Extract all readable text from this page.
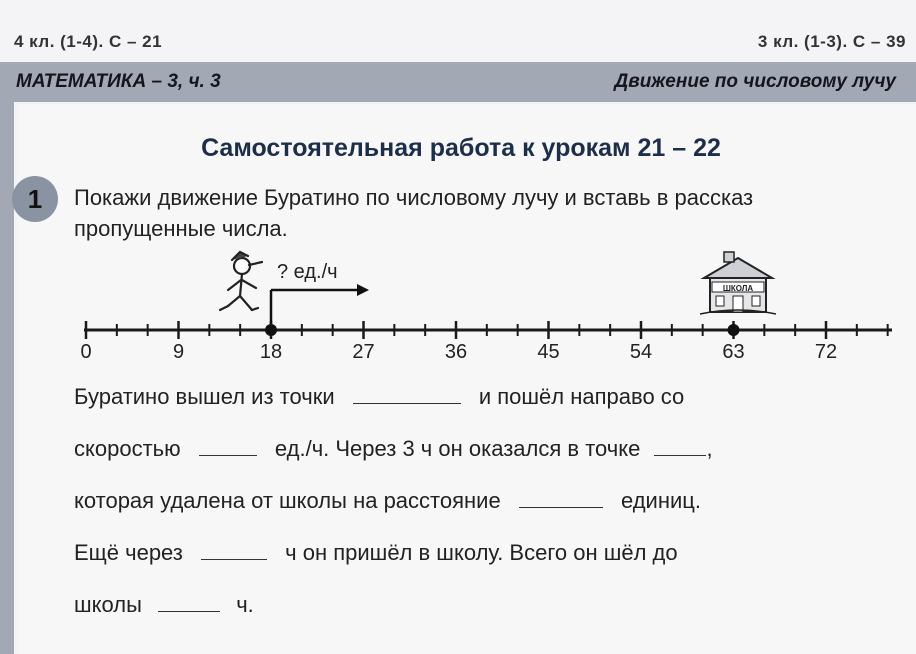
4 кл. (1-4). С – 21	3 кл. (1-3). С – 39
МАТЕМАТИКА – 3, ч. 3	Движение по числовому лучу
Самостоятельная работа к урокам 21 – 22
1	Покажи движение Буратино по числовому лучу и вставь в рассказ пропущенные числа.
0	9	18	27	36	45	54	63	72
? ед./ч
ШКОЛА
Буратино вышел из точки	и пошёл направо со
скоростью	ед./ч. Через 3 ч он оказался в точке	,
которая удалена от школы на расстояние	единиц.
Ещё через	ч он пришёл в школу. Всего он шёл до
школы	ч.
